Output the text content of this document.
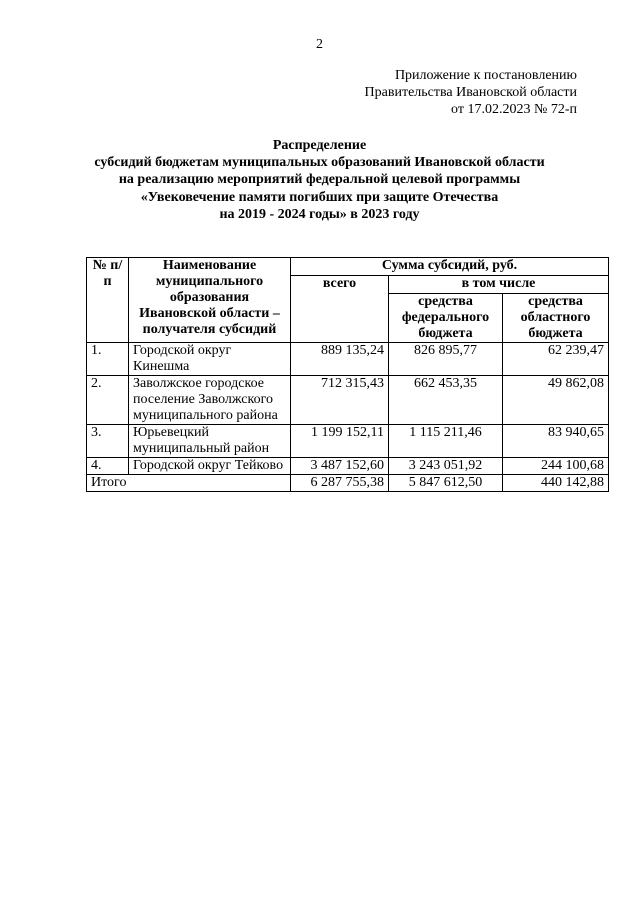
2
Приложение к постановлению
Правительства Ивановской области
от 17.02.2023 № 72-п
Распределение
субсидий бюджетам муниципальных образований Ивановской области
на реализацию мероприятий федеральной целевой программы
«Увековечение памяти погибших при защите Отечества
на 2019 - 2024 годы» в 2023 году
№ п/п	Наименование муниципального образования Ивановской области – получателя субсидий	Сумма субсидий, руб.		
		всего	в том числе	
			средства федерального бюджета	средства областного бюджета
1.	Городской округ Кинешма	889 135,24	826 895,77	62 239,47
2.	Заволжское городское поселение Заволжского муниципального района	712 315,43	662 453,35	49 862,08
3.	Юрьевецкий муниципальный район	1 199 152,11	1 115 211,46	83 940,65
4.	Городской округ Тейково	3 487 152,60	3 243 051,92	244 100,68
Итого		6 287 755,38	5 847 612,50	440 142,88
